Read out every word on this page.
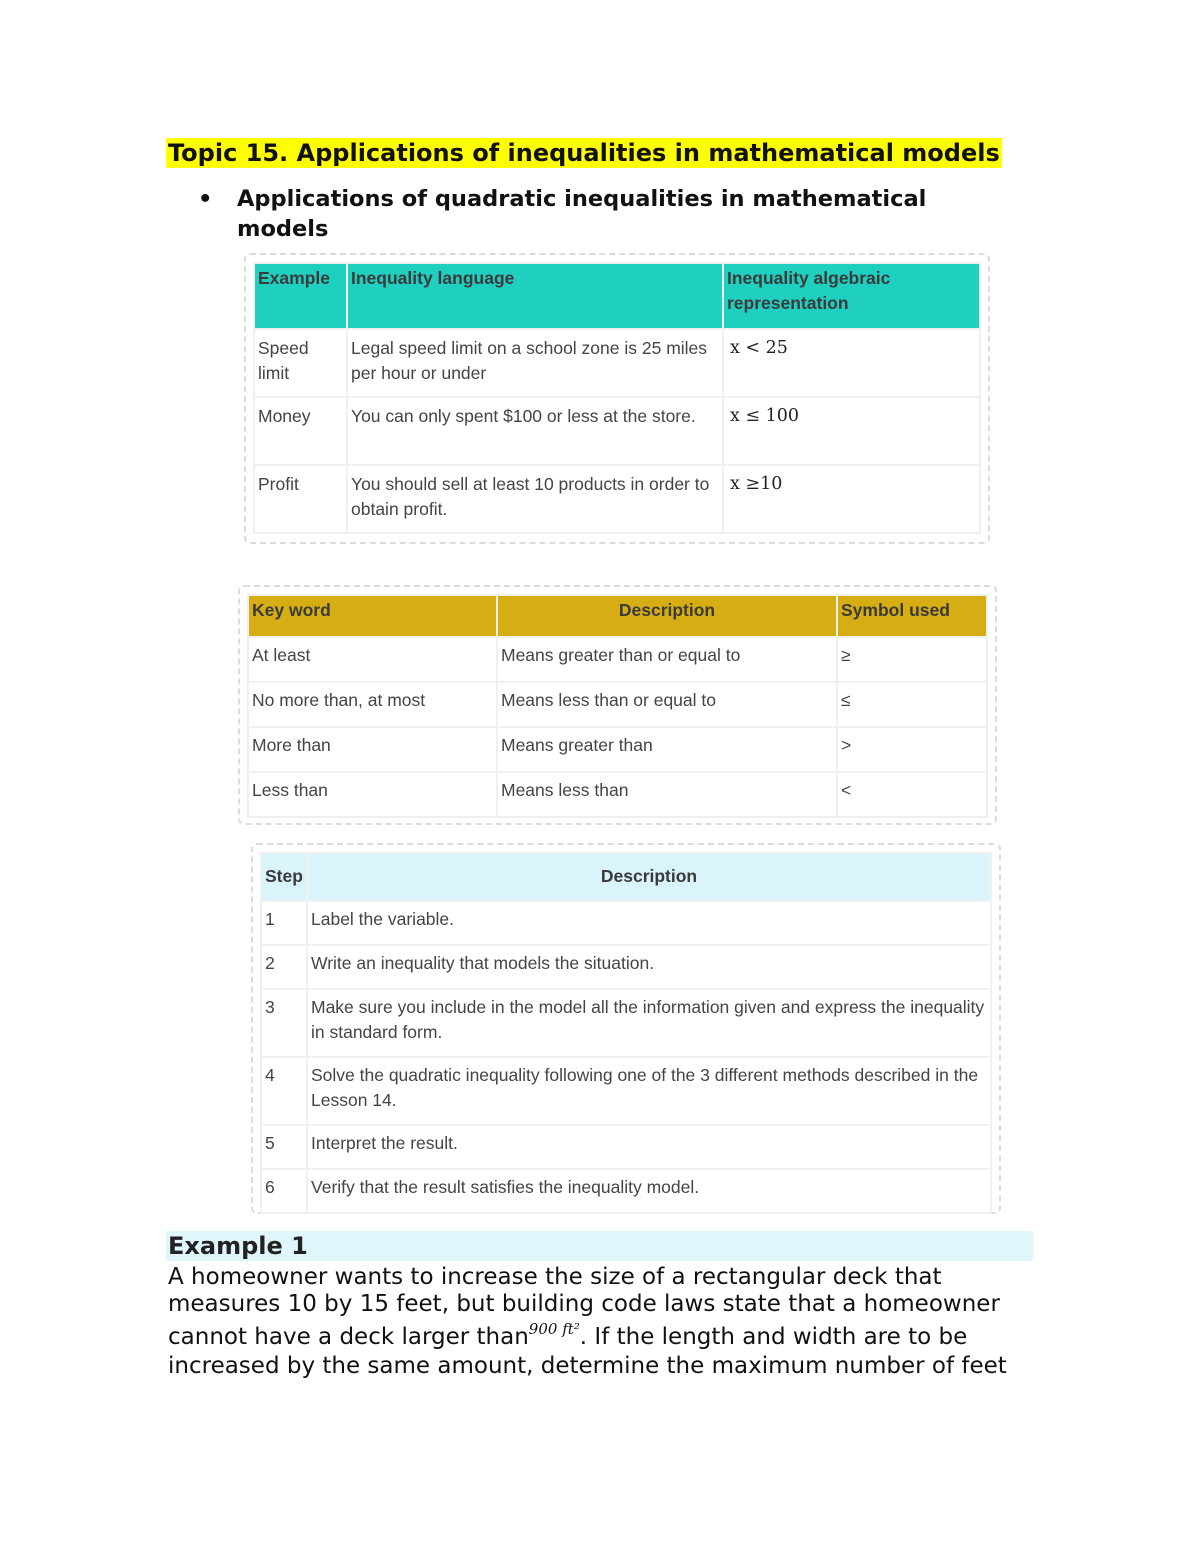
Topic 15. Applications of inequalities in mathematical models
• Applications of quadratic inequalities in mathematical models
Example	Inequality language	Inequality algebraic representation
Speed limit	Legal speed limit on a school zone is 25 miles per hour or under	x < 25
Money	You can only spent $100 or less at the store.	x ≤ 100
Profit	You should sell at least 10 products in order to obtain profit.	x ≥10
Key word	Description	Symbol used
At least	Means greater than or equal to	≥
No more than, at most	Means less than or equal to	≤
More than	Means greater than	>
Less than	Means less than	<
Step	Description
1	Label the variable.
2	Write an inequality that models the situation.
3	Make sure you include in the model all the information given and express the inequality in standard form.
4	Solve the quadratic inequality following one of the 3 different methods described in the Lesson 14.
5	Interpret the result.
6	Verify that the result satisfies the inequality model.
Example 1
A homeowner wants to increase the size of a rectangular deck that
measures 10 by 15 feet, but building code laws state that a homeowner
cannot have a deck larger than$^{900 ft^2}$. If the length and width are to be
increased by the same amount, determine the maximum number of feet
